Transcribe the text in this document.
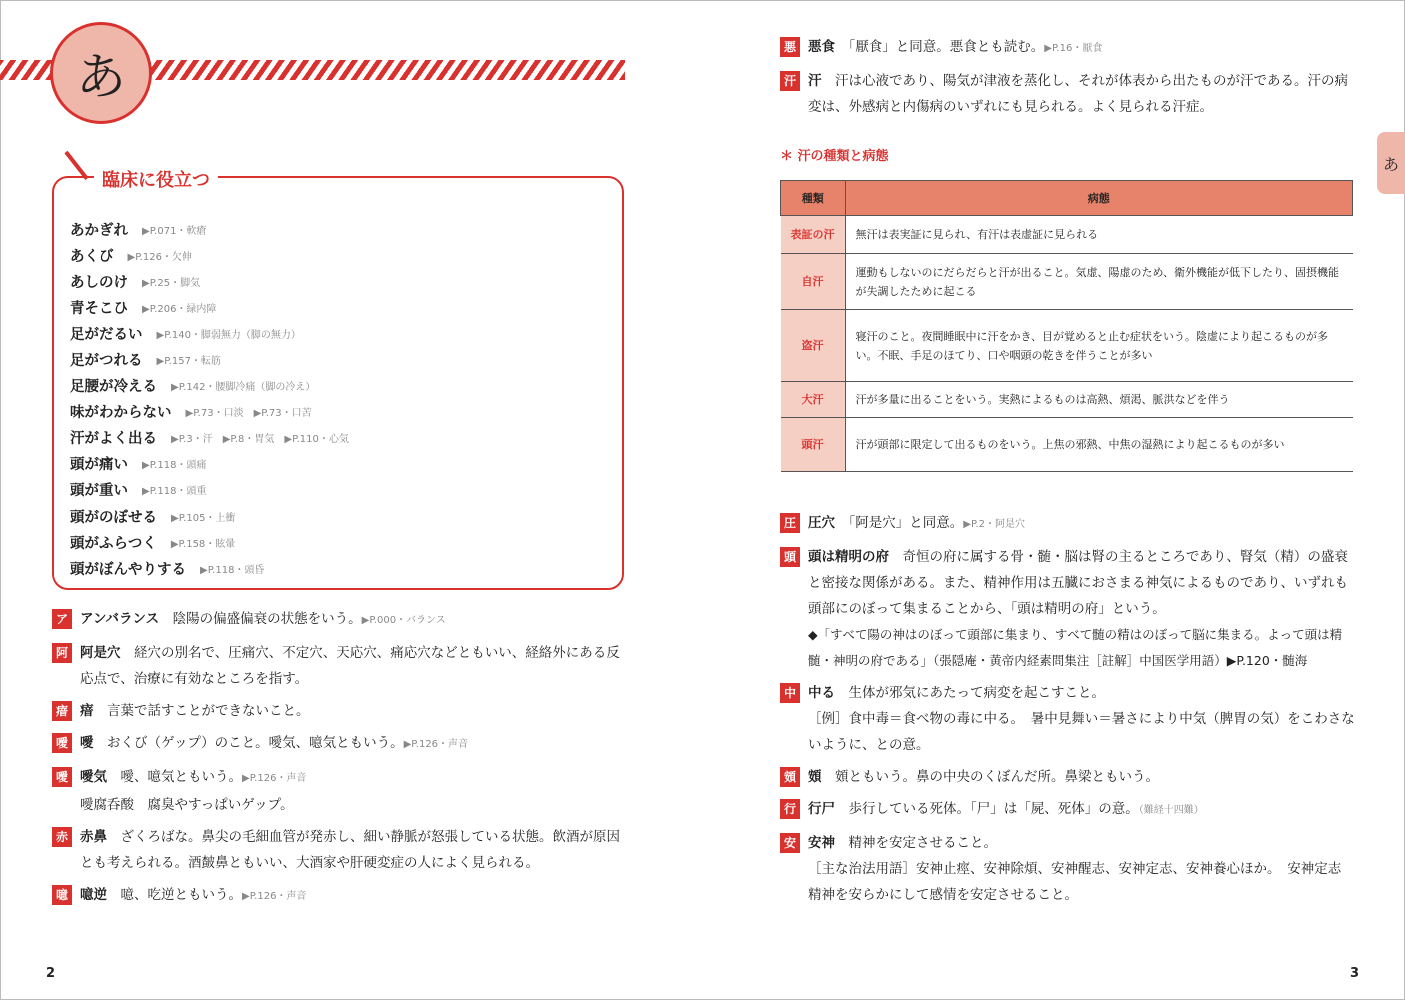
あ
臨床に役立つ
あかぎれ ▶P.071・軟瘡
あくび ▶P.126・欠伸
あしのけ ▶P.25・脚気
青そこひ ▶P.206・緑内障
足がだるい ▶P.140・脚弱無力（脚の無力）
足がつれる ▶P.157・転筋
足腰が冷える ▶P.142・腰脚冷痛（脚の冷え）
味がわからない ▶P.73・口淡　▶P.73・口苦
汗がよく出る ▶P.3・汗　▶P.8・胃気　▶P.110・心気
頭が痛い ▶P.118・頭痛
頭が重い ▶P.118・頭重
頭がのぼせる ▶P.105・上衝
頭がふらつく ▶P.158・眩暈
頭がぼんやりする ▶P.118・頭昏
ア アンバランス　 陰陽の偏盛偏衰の状態をいう。▶P.000・バランス
阿 阿是穴　 経穴の別名で、圧痛穴、不定穴、天応穴、痛応穴などともいい、経絡外にある反応点で、治療に有効なところを指す。
瘖 瘖　 言葉で話すことができないこと。
噯 噯　 おくび（ゲップ）のこと。噯気、噫気ともいう。▶P.126・声音
噯 噯気　 噯、噫気ともいう。▶P.126・声音
噯腐呑酸　腐臭やすっぱいゲップ。
赤 赤鼻　 ざくろばな。鼻尖の毛細血管が発赤し、細い静脈が怒張している状態。飲酒が原因とも考えられる。酒皶鼻ともいい、大酒家や肝硬変症の人によく見られる。
噫 噫逆　 噫、吃逆ともいう。▶P.126・声音
2
あ
悪 悪食　 「厭食」と同意。悪食とも読む。▶P.16・厭食
汗 汗　 汗は心液であり、陽気が津液を蒸化し、それが体表から出たものが汗である。汗の病変は、外感病と内傷病のいずれにも見られる。よく見られる汗症。
＊ 汗の種類と病態
種類	病態
表証の汗	無汗は表実証に見られ、有汗は表虚証に見られる
自汗	運動もしないのにだらだらと汗が出ること。気虚、陽虚のため、衛外機能が低下したり、固摂機能が失調したために起こる
盗汗	寝汗のこと。夜間睡眠中に汗をかき、目が覚めると止む症状をいう。陰虚により起こるものが多い。不眠、手足のほてり、口や咽頭の乾きを伴うことが多い
大汗	汗が多量に出ることをいう。実熱によるものは高熱、煩渇、脈洪などを伴う
頭汗	汗が頭部に限定して出るものをいう。上焦の邪熱、中焦の湿熱により起こるものが多い
圧 圧穴　 「阿是穴」と同意。▶P.2・阿是穴
頭 頭は精明の府　 奇恒の府に属する骨・髄・脳は腎の主るところであり、腎気（精）の盛衰と密接な関係がある。また、精神作用は五臓におさまる神気によるものであり、いずれも頭部にのぼって集まることから、「頭は精明の府」という。
◆「すべて陽の神はのぼって頭部に集まり、すべて髄の精はのぼって脳に集まる。よって頭は精髄・神明の府である」（張隠庵・黄帝内経素問集注［註解］中国医学用語）▶P.120・髄海
中 中る　 生体が邪気にあたって病変を起こすこと。
［例］食中毒＝食べ物の毒に中る。　暑中見舞い＝暑さにより中気（脾胃の気）をこわさないように、との意。
頞 頞　 頞ともいう。鼻の中央のくぼんだ所。鼻梁ともいう。
行 行尸　 歩行している死体。「尸」は「屍、死体」の意。（難経十四難）
安 安神　 精神を安定させること。
［主な治法用語］安神止痙、安神除煩、安神醒志、安神定志、安神養心ほか。　安神定志　精神を安らかにして感情を安定させること。
3
